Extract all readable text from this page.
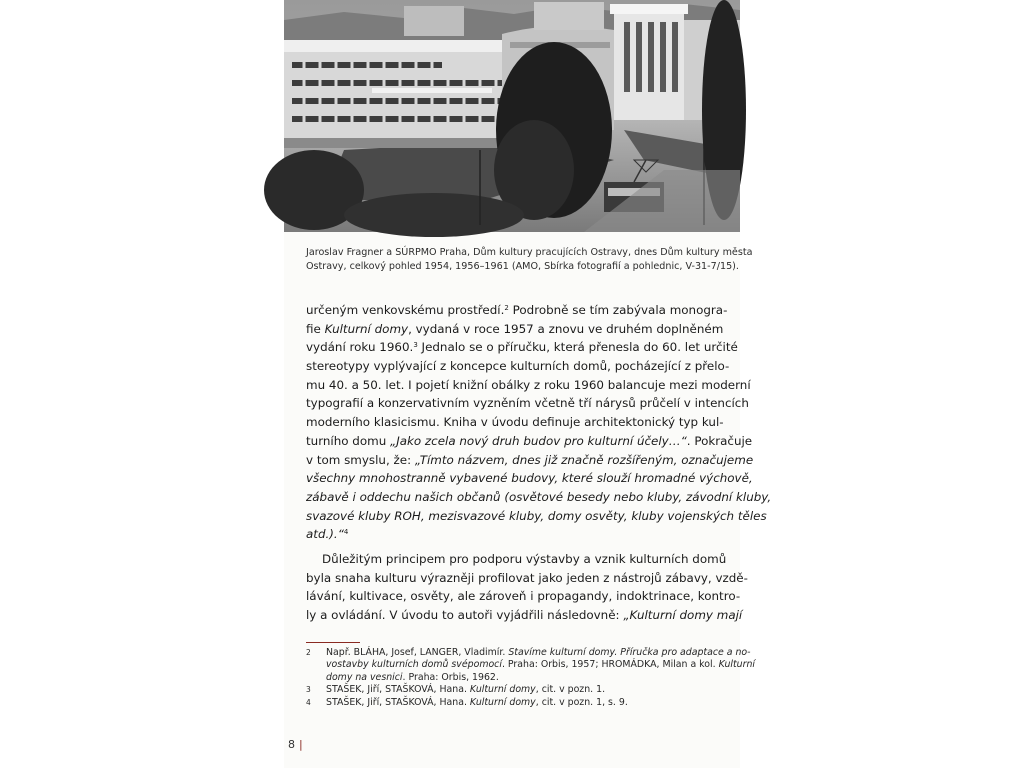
Jaroslav Fragner a SÚRPMO Praha, Dům kultury pracujících Ostravy, dnes Dům kultury města
Ostravy, celkový pohled 1954, 1956–1961 (AMO, Sbírka fotografií a pohlednic, V-31-7/15).
určeným venkovskému prostředí.$^2$ Podrobně se tím zabývala monogra-
fie Kulturní domy, vydaná v roce 1957 a znovu ve druhém doplněném
vydání roku 1960.$^3$ Jednalo se o příručku, která přenesla do 60. let určité
stereotypy vyplývající z koncepce kulturních domů, pocházející z přelo-
mu 40. a 50. let. I pojetí knižní obálky z roku 1960 balancuje mezi moderní
typografií a konzervativním vyzněním včetně tří nárysů průčelí v intencích
moderního klasicismu. Kniha v úvodu definuje architektonický typ kul-
turního domu „Jako zcela nový druh budov pro kulturní účely…“. Pokračuje
v tom smyslu, že: „Tímto názvem, dnes již značně rozšířeným, označujeme
všechny mnohostranně vybavené budovy, které slouží hromadné výchově,
zábavě i oddechu našich občanů (osvětové besedy nebo kluby, závodní kluby,
svazové kluby ROH, mezisvazové kluby, domy osvěty, kluby vojenských těles
atd.).“$^4$
Důležitým principem pro podporu výstavby a vznik kulturních domů
byla snaha kulturu výrazněji profilovat jako jeden z nástrojů zábavy, vzdě-
lávání, kultivace, osvěty, ale zároveň i propagandy, indoktrinace, kontro-
ly a ovládání. V úvodu to autoři vyjádřili následovně: „Kulturní domy mají
2	Např. BLÁHA, Josef, LANGER, Vladimír. Stavíme kulturní domy. Příručka pro adaptace a no-
vostavby kulturních domů svépomocí. Praha: Orbis, 1957; HROMÁDKA, Milan a kol. Kulturní
domy na vesnici. Praha: Orbis, 1962.
3	STAŠEK, Jiří, STAŠKOVÁ, Hana. Kulturní domy, cit. v pozn. 1.
4	STAŠEK, Jiří, STAŠKOVÁ, Hana. Kulturní domy, cit. v pozn. 1, s. 9.
8 |
